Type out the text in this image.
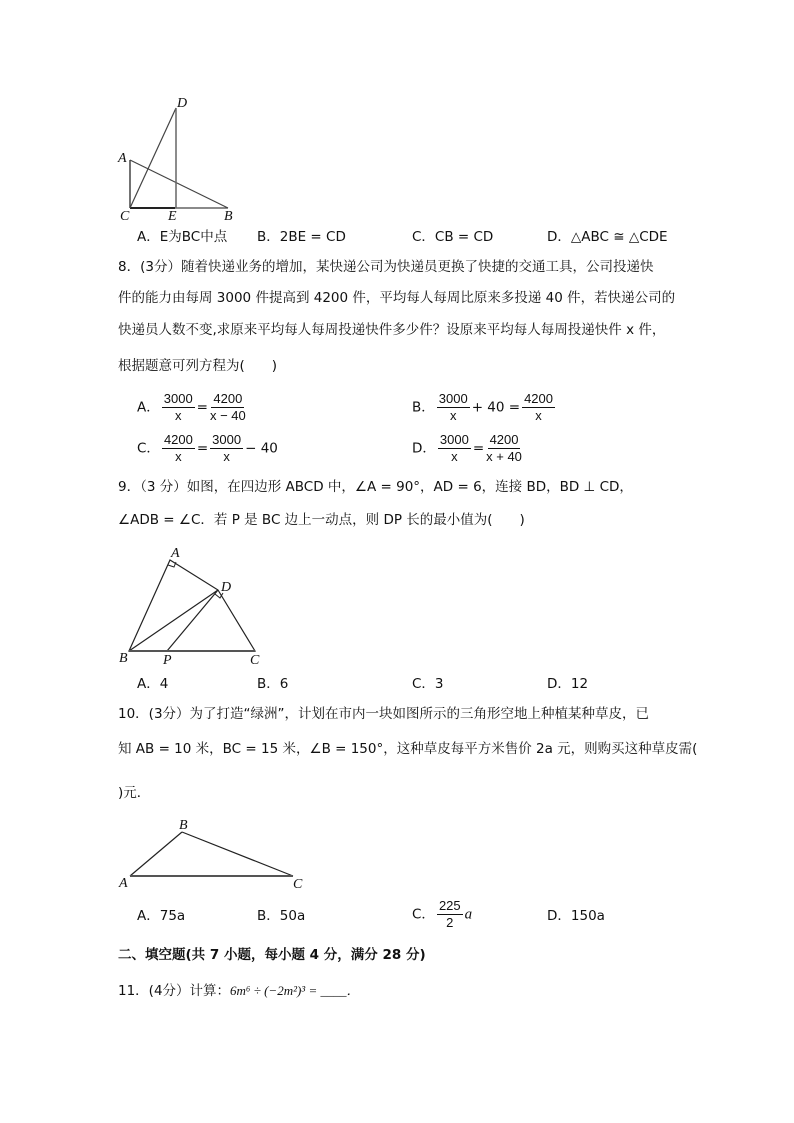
D
A
C	E	B
A
D
B	P	C
B
A	C
A．E为BC中点 B．2BE = CD	C．CB = CD	D．△ABC ≅ △CDE
8．(3分）随着快递业务的增加，某快递公司为快递员更换了快捷的交通工具，公司投递快
件的能力由每周 3000 件提高到 4200 件，平均每人每周比原来多投递 40 件，若快递公司的
快递员人数不变,求原来平均每人每周投递快件多少件？设原来平均每人每周投递快件 x 件，
根据题意可列方程为(　　)
A． $\frac{3000}{x} = \frac{4200}{x - 40}$	B． $\frac{3000}{x} + 40 = \frac{4200}{x}$
C． $\frac{4200}{x} = \frac{3000}{x} - 40$	D． $\frac{3000}{x} = \frac{4200}{x + 40}$
9．（3 分）如图，在四边形 ABCD 中，∠A = 90°，AD = 6，连接 BD，BD ⊥ CD，
∠ADB = ∠C．若 P 是 BC 边上一动点，则 DP 长的最小值为(　　)
A．4	B．6	C．3	D．12
10．(3分）为了打造“绿洲”，计划在市内一块如图所示的三角形空地上种植某种草皮，已
知 AB = 10 米，BC = 15 米，∠B = 150°，这种草皮每平方米售价 2a 元，则购买这种草皮需(
)元．
A．75a	B．50a	C． $\frac{225}{2}$ a	D．150a
二、填空题(共 7 小题，每小题 4 分，满分 28 分)
11．(4分）计算：6m⁶ ÷ (−2m²)³ = ____．
